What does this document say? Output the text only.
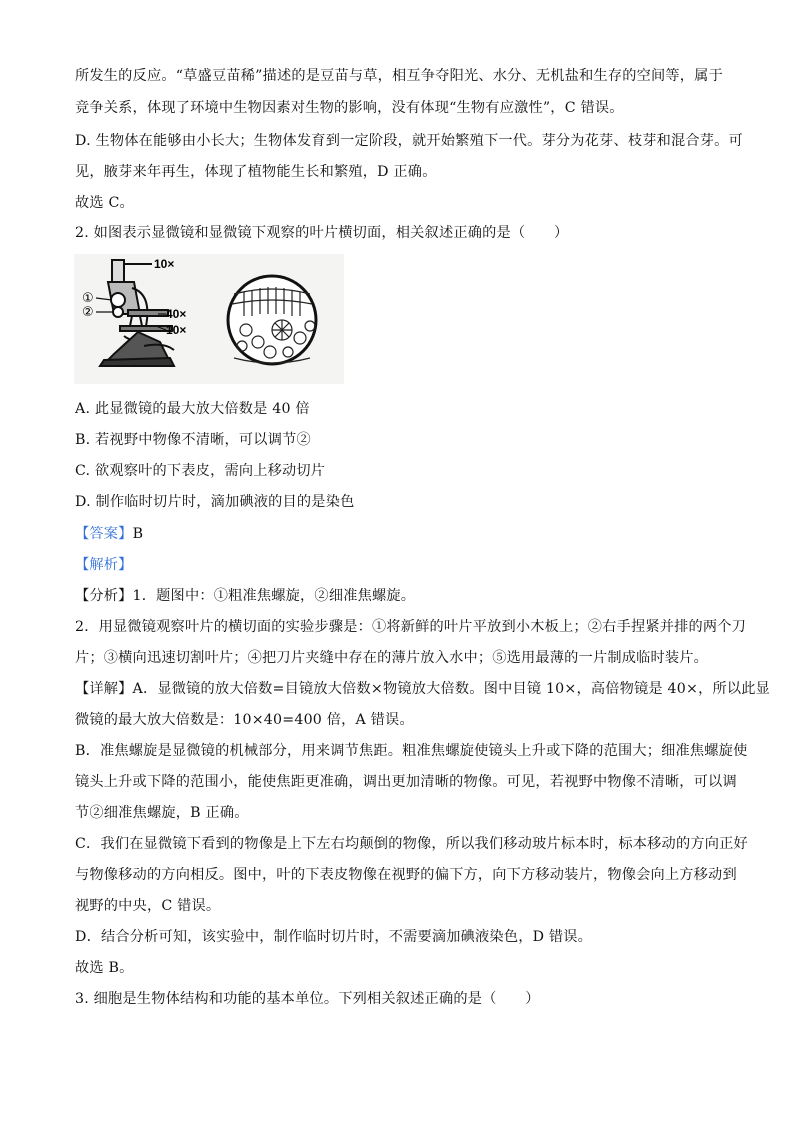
所发生的反应。“草盛豆苗稀”描述的是豆苗与草，相互争夺阳光、水分、无机盐和生存的空间等，属于
竞争关系，体现了环境中生物因素对生物的影响，没有体现“生物有应激性”，C 错误。
D. 生物体在能够由小长大；生物体发育到一定阶段，就开始繁殖下一代。芽分为花芽、枝芽和混合芽。可
见，腋芽来年再生，体现了植物能生长和繁殖，D 正确。
故选 C。
2. 如图表示显微镜和显微镜下观察的叶片横切面，相关叙述正确的是（　　）
10×
①
②	40×
10×
A. 此显微镜的最大放大倍数是 40 倍
B. 若视野中物像不清晰，可以调节②
C. 欲观察叶的下表皮，需向上移动切片
D. 制作临时切片时，滴加碘液的目的是染色
【答案】B
【解析】
【分析】1．题图中：①粗准焦螺旋，②细准焦螺旋。
2．用显微镜观察叶片的横切面的实验步骤是：①将新鲜的叶片平放到小木板上；②右手捏紧并排的两个刀
片；③横向迅速切割叶片；④把刀片夹缝中存在的薄片放入水中；⑤选用最薄的一片制成临时装片。
【详解】A．显微镜的放大倍数=目镜放大倍数×物镜放大倍数。图中目镜 10×，高倍物镜是 40×，所以此显
微镜的最大放大倍数是：10×40=400 倍，A 错误。
B．准焦螺旋是显微镜的机械部分，用来调节焦距。粗准焦螺旋使镜头上升或下降的范围大；细准焦螺旋使
镜头上升或下降的范围小，能使焦距更准确，调出更加清晰的物像。可见，若视野中物像不清晰，可以调
节②细准焦螺旋，B 正确。
C．我们在显微镜下看到的物像是上下左右均颠倒的物像，所以我们移动玻片标本时，标本移动的方向正好
与物像移动的方向相反。图中，叶的下表皮物像在视野的偏下方，向下方移动装片，物像会向上方移动到
视野的中央，C 错误。
D．结合分析可知，该实验中，制作临时切片时，不需要滴加碘液染色，D 错误。
故选 B。
3. 细胞是生物体结构和功能的基本单位。下列相关叙述正确的是（　　）
